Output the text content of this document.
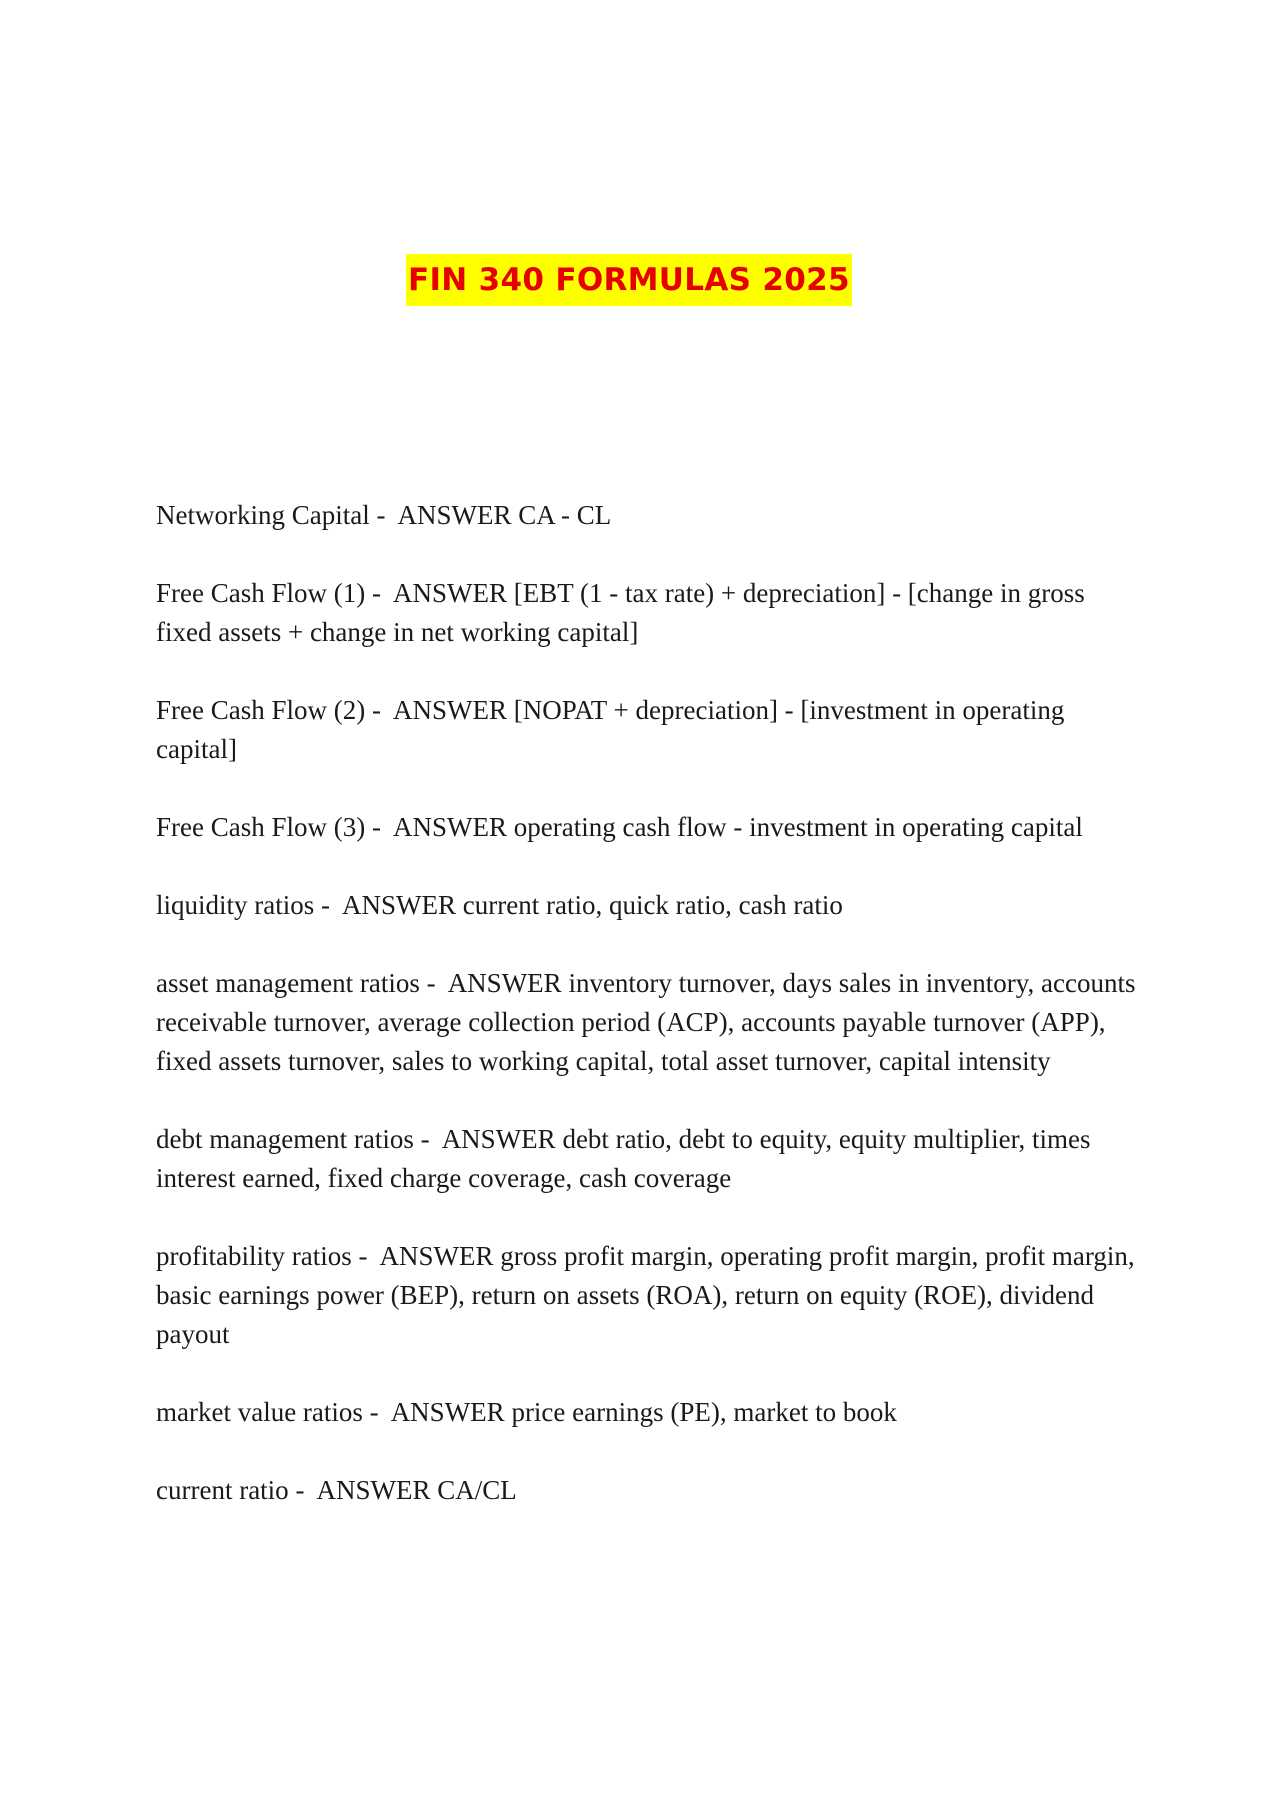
FIN 340 FORMULAS 2025

Networking Capital -  ANSWER CA - CL

Free Cash Flow (1) -  ANSWER [EBT (1 - tax rate) + depreciation] - [change in gross fixed assets + change in net working capital]

Free Cash Flow (2) -  ANSWER [NOPAT + depreciation] - [investment in operating capital]

Free Cash Flow (3) -  ANSWER operating cash flow - investment in operating capital

liquidity ratios -  ANSWER current ratio, quick ratio, cash ratio

asset management ratios -  ANSWER inventory turnover, days sales in inventory, accounts receivable turnover, average collection period (ACP), accounts payable turnover (APP), fixed assets turnover, sales to working capital, total asset turnover, capital intensity

debt management ratios -  ANSWER debt ratio, debt to equity, equity multiplier, times interest earned, fixed charge coverage, cash coverage

profitability ratios -  ANSWER gross profit margin, operating profit margin, profit margin, basic earnings power (BEP), return on assets (ROA), return on equity (ROE), dividend payout

market value ratios -  ANSWER price earnings (PE), market to book

current ratio -  ANSWER CA/CL
